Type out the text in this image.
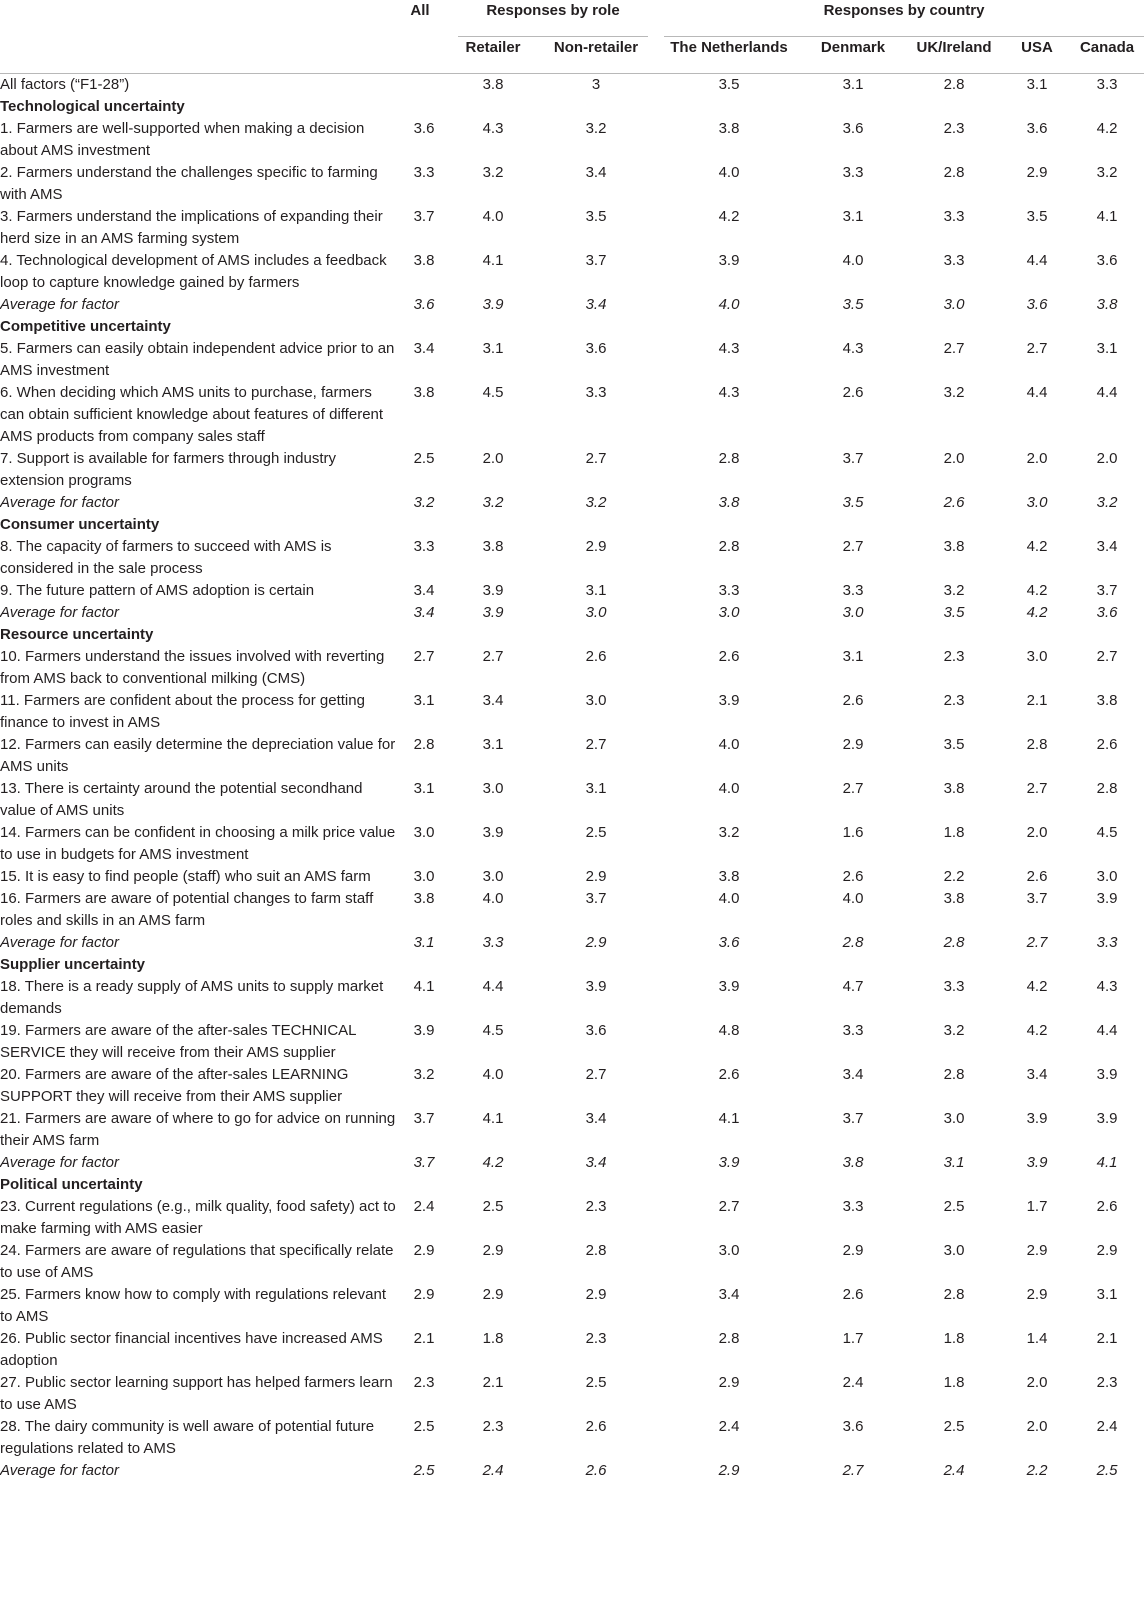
	All	Responses by role		Responses by country				
		Retailer	Non-retailer	The Netherlands	Denmark	UK/Ireland	USA	Canada
All factors (“F1-28”)		3.8	3	3.5	3.1	2.8	3.1	3.3
Technological uncertainty								
1. Farmers are well-supported when making a decision about AMS investment	3.6	4.3	3.2	3.8	3.6	2.3	3.6	4.2
2. Farmers understand the challenges specific to farming with AMS	3.3	3.2	3.4	4.0	3.3	2.8	2.9	3.2
3. Farmers understand the implications of expanding their herd size in an AMS farming system	3.7	4.0	3.5	4.2	3.1	3.3	3.5	4.1
4. Technological development of AMS includes a feedback loop to capture knowledge gained by farmers	3.8	4.1	3.7	3.9	4.0	3.3	4.4	3.6
Average for factor	3.6	3.9	3.4	4.0	3.5	3.0	3.6	3.8
Competitive uncertainty								
5. Farmers can easily obtain independent advice prior to an AMS investment	3.4	3.1	3.6	4.3	4.3	2.7	2.7	3.1
6. When deciding which AMS units to purchase, farmers can obtain sufficient knowledge about features of different AMS products from company sales staff	3.8	4.5	3.3	4.3	2.6	3.2	4.4	4.4
7. Support is available for farmers through industry extension programs	2.5	2.0	2.7	2.8	3.7	2.0	2.0	2.0
Average for factor	3.2	3.2	3.2	3.8	3.5	2.6	3.0	3.2
Consumer uncertainty								
8. The capacity of farmers to succeed with AMS is considered in the sale process	3.3	3.8	2.9	2.8	2.7	3.8	4.2	3.4
9. The future pattern of AMS adoption is certain	3.4	3.9	3.1	3.3	3.3	3.2	4.2	3.7
Average for factor	3.4	3.9	3.0	3.0	3.0	3.5	4.2	3.6
Resource uncertainty								
10. Farmers understand the issues involved with reverting from AMS back to conventional milking (CMS)	2.7	2.7	2.6	2.6	3.1	2.3	3.0	2.7
11. Farmers are confident about the process for getting finance to invest in AMS	3.1	3.4	3.0	3.9	2.6	2.3	2.1	3.8
12. Farmers can easily determine the depreciation value for AMS units	2.8	3.1	2.7	4.0	2.9	3.5	2.8	2.6
13. There is certainty around the potential secondhand value of AMS units	3.1	3.0	3.1	4.0	2.7	3.8	2.7	2.8
14. Farmers can be confident in choosing a milk price value to use in budgets for AMS investment	3.0	3.9	2.5	3.2	1.6	1.8	2.0	4.5
15. It is easy to find people (staff) who suit an AMS farm	3.0	3.0	2.9	3.8	2.6	2.2	2.6	3.0
16. Farmers are aware of potential changes to farm staff roles and skills in an AMS farm	3.8	4.0	3.7	4.0	4.0	3.8	3.7	3.9
Average for factor	3.1	3.3	2.9	3.6	2.8	2.8	2.7	3.3
Supplier uncertainty								
18. There is a ready supply of AMS units to supply market demands	4.1	4.4	3.9	3.9	4.7	3.3	4.2	4.3
19. Farmers are aware of the after-sales TECHNICAL SERVICE they will receive from their AMS supplier	3.9	4.5	3.6	4.8	3.3	3.2	4.2	4.4
20. Farmers are aware of the after-sales LEARNING SUPPORT they will receive from their AMS supplier	3.2	4.0	2.7	2.6	3.4	2.8	3.4	3.9
21. Farmers are aware of where to go for advice on running their AMS farm	3.7	4.1	3.4	4.1	3.7	3.0	3.9	3.9
Average for factor	3.7	4.2	3.4	3.9	3.8	3.1	3.9	4.1
Political uncertainty								
23. Current regulations (e.g., milk quality, food safety) act to make farming with AMS easier	2.4	2.5	2.3	2.7	3.3	2.5	1.7	2.6
24. Farmers are aware of regulations that specifically relate to use of AMS	2.9	2.9	2.8	3.0	2.9	3.0	2.9	2.9
25. Farmers know how to comply with regulations relevant to AMS	2.9	2.9	2.9	3.4	2.6	2.8	2.9	3.1
26. Public sector financial incentives have increased AMS adoption	2.1	1.8	2.3	2.8	1.7	1.8	1.4	2.1
27. Public sector learning support has helped farmers learn to use AMS	2.3	2.1	2.5	2.9	2.4	1.8	2.0	2.3
28. The dairy community is well aware of potential future regulations related to AMS	2.5	2.3	2.6	2.4	3.6	2.5	2.0	2.4
Average for factor	2.5	2.4	2.6	2.9	2.7	2.4	2.2	2.5
